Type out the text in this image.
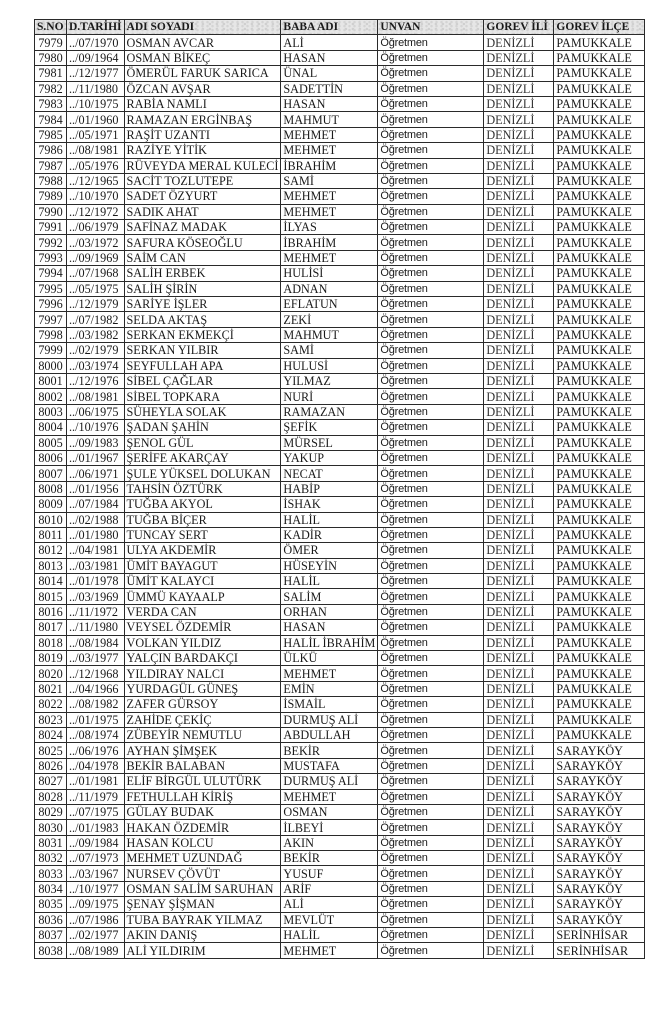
S.NO	D.TARİHİ	ADI SOYADI	BABA ADI	UNVAN	GOREV İLİ	GOREV İLÇE
7979	../07/1970	OSMAN AVCAR	ALİ	Öğretmen	DENİZLİ	PAMUKKALE
7980	../09/1964	OSMAN BİKEÇ	HASAN	Öğretmen	DENİZLİ	PAMUKKALE
7981	../12/1977	ÖMERÜL FARUK SARICA	ÜNAL	Öğretmen	DENİZLİ	PAMUKKALE
7982	../11/1980	ÖZCAN AVŞAR	SADETTİN	Öğretmen	DENİZLİ	PAMUKKALE
7983	../10/1975	RABİA NAMLI	HASAN	Öğretmen	DENİZLİ	PAMUKKALE
7984	../01/1960	RAMAZAN ERGİNBAŞ	MAHMUT	Öğretmen	DENİZLİ	PAMUKKALE
7985	../05/1971	RAŞİT UZANTI	MEHMET	Öğretmen	DENİZLİ	PAMUKKALE
7986	../08/1981	RAZİYE YİTİK	MEHMET	Öğretmen	DENİZLİ	PAMUKKALE
7987	../05/1976	RÜVEYDA MERAL KULECİ	İBRAHİM	Öğretmen	DENİZLİ	PAMUKKALE
7988	../12/1965	SACİT TOZLUTEPE	SAMİ	Öğretmen	DENİZLİ	PAMUKKALE
7989	../10/1970	SADET ÖZYURT	MEHMET	Öğretmen	DENİZLİ	PAMUKKALE
7990	../12/1972	SADIK AHAT	MEHMET	Öğretmen	DENİZLİ	PAMUKKALE
7991	../06/1979	SAFİNAZ MADAK	İLYAS	Öğretmen	DENİZLİ	PAMUKKALE
7992	../03/1972	SAFURA KÖSEOĞLU	İBRAHİM	Öğretmen	DENİZLİ	PAMUKKALE
7993	../09/1969	SAİM CAN	MEHMET	Öğretmen	DENİZLİ	PAMUKKALE
7994	../07/1968	SALİH ERBEK	HULİSİ	Öğretmen	DENİZLİ	PAMUKKALE
7995	../05/1975	SALİH ŞİRİN	ADNAN	Öğretmen	DENİZLİ	PAMUKKALE
7996	../12/1979	SARİYE İŞLER	EFLATUN	Öğretmen	DENİZLİ	PAMUKKALE
7997	../07/1982	SELDA AKTAŞ	ZEKİ	Öğretmen	DENİZLİ	PAMUKKALE
7998	../03/1982	SERKAN EKMEKÇİ	MAHMUT	Öğretmen	DENİZLİ	PAMUKKALE
7999	../02/1979	SERKAN YILBIR	SAMİ	Öğretmen	DENİZLİ	PAMUKKALE
8000	../03/1974	SEYFULLAH APA	HULUSİ	Öğretmen	DENİZLİ	PAMUKKALE
8001	../12/1976	SİBEL ÇAĞLAR	YILMAZ	Öğretmen	DENİZLİ	PAMUKKALE
8002	../08/1981	SİBEL TOPKARA	NURİ	Öğretmen	DENİZLİ	PAMUKKALE
8003	../06/1975	SÜHEYLA SOLAK	RAMAZAN	Öğretmen	DENİZLİ	PAMUKKALE
8004	../10/1976	ŞADAN ŞAHİN	ŞEFİK	Öğretmen	DENİZLİ	PAMUKKALE
8005	../09/1983	ŞENOL GÜL	MÜRSEL	Öğretmen	DENİZLİ	PAMUKKALE
8006	../01/1967	ŞERİFE AKARÇAY	YAKUP	Öğretmen	DENİZLİ	PAMUKKALE
8007	../06/1971	ŞULE YÜKSEL DOLUKAN	NECAT	Öğretmen	DENİZLİ	PAMUKKALE
8008	../01/1956	TAHSİN ÖZTÜRK	HABİP	Öğretmen	DENİZLİ	PAMUKKALE
8009	../07/1984	TUĞBA AKYOL	İSHAK	Öğretmen	DENİZLİ	PAMUKKALE
8010	../02/1988	TUĞBA BİÇER	HALİL	Öğretmen	DENİZLİ	PAMUKKALE
8011	../01/1980	TUNCAY SERT	KADİR	Öğretmen	DENİZLİ	PAMUKKALE
8012	../04/1981	ULYA AKDEMİR	ÖMER	Öğretmen	DENİZLİ	PAMUKKALE
8013	../03/1981	ÜMİT BAYAGUT	HÜSEYİN	Öğretmen	DENİZLİ	PAMUKKALE
8014	../01/1978	ÜMİT KALAYCI	HALİL	Öğretmen	DENİZLİ	PAMUKKALE
8015	../03/1969	ÜMMÜ KAYAALP	SALİM	Öğretmen	DENİZLİ	PAMUKKALE
8016	../11/1972	VERDA CAN	ORHAN	Öğretmen	DENİZLİ	PAMUKKALE
8017	../11/1980	VEYSEL ÖZDEMİR	HASAN	Öğretmen	DENİZLİ	PAMUKKALE
8018	../08/1984	VOLKAN YILDIZ	HALİL İBRAHİM	Öğretmen	DENİZLİ	PAMUKKALE
8019	../03/1977	YALÇIN BARDAKÇI	ÜLKÜ	Öğretmen	DENİZLİ	PAMUKKALE
8020	../12/1968	YILDIRAY NALCI	MEHMET	Öğretmen	DENİZLİ	PAMUKKALE
8021	../04/1966	YURDAGÜL GÜNEŞ	EMİN	Öğretmen	DENİZLİ	PAMUKKALE
8022	../08/1982	ZAFER GÜRSOY	İSMAİL	Öğretmen	DENİZLİ	PAMUKKALE
8023	../01/1975	ZAHİDE ÇEKİÇ	DURMUŞ ALİ	Öğretmen	DENİZLİ	PAMUKKALE
8024	../08/1974	ZÜBEYİR NEMUTLU	ABDULLAH	Öğretmen	DENİZLİ	PAMUKKALE
8025	../06/1976	AYHAN ŞİMŞEK	BEKİR	Öğretmen	DENİZLİ	SARAYKÖY
8026	../04/1978	BEKİR BALABAN	MUSTAFA	Öğretmen	DENİZLİ	SARAYKÖY
8027	../01/1981	ELİF BİRGÜL ULUTÜRK	DURMUŞ ALİ	Öğretmen	DENİZLİ	SARAYKÖY
8028	../11/1979	FETHULLAH KİRİŞ	MEHMET	Öğretmen	DENİZLİ	SARAYKÖY
8029	../07/1975	GÜLAY BUDAK	OSMAN	Öğretmen	DENİZLİ	SARAYKÖY
8030	../01/1983	HAKAN ÖZDEMİR	İLBEYİ	Öğretmen	DENİZLİ	SARAYKÖY
8031	../09/1984	HASAN KOLCU	AKIN	Öğretmen	DENİZLİ	SARAYKÖY
8032	../07/1973	MEHMET UZUNDAĞ	BEKİR	Öğretmen	DENİZLİ	SARAYKÖY
8033	../03/1967	NURSEV ÇÖVÜT	YUSUF	Öğretmen	DENİZLİ	SARAYKÖY
8034	../10/1977	OSMAN SALİM SARUHAN	ARİF	Öğretmen	DENİZLİ	SARAYKÖY
8035	../09/1975	ŞENAY ŞİŞMAN	ALİ	Öğretmen	DENİZLİ	SARAYKÖY
8036	../07/1986	TUBA BAYRAK YILMAZ	MEVLÜT	Öğretmen	DENİZLİ	SARAYKÖY
8037	../02/1977	AKIN DANIŞ	HALİL	Öğretmen	DENİZLİ	SERİNHİSAR
8038	../08/1989	ALİ YILDIRIM	MEHMET	Öğretmen	DENİZLİ	SERİNHİSAR
